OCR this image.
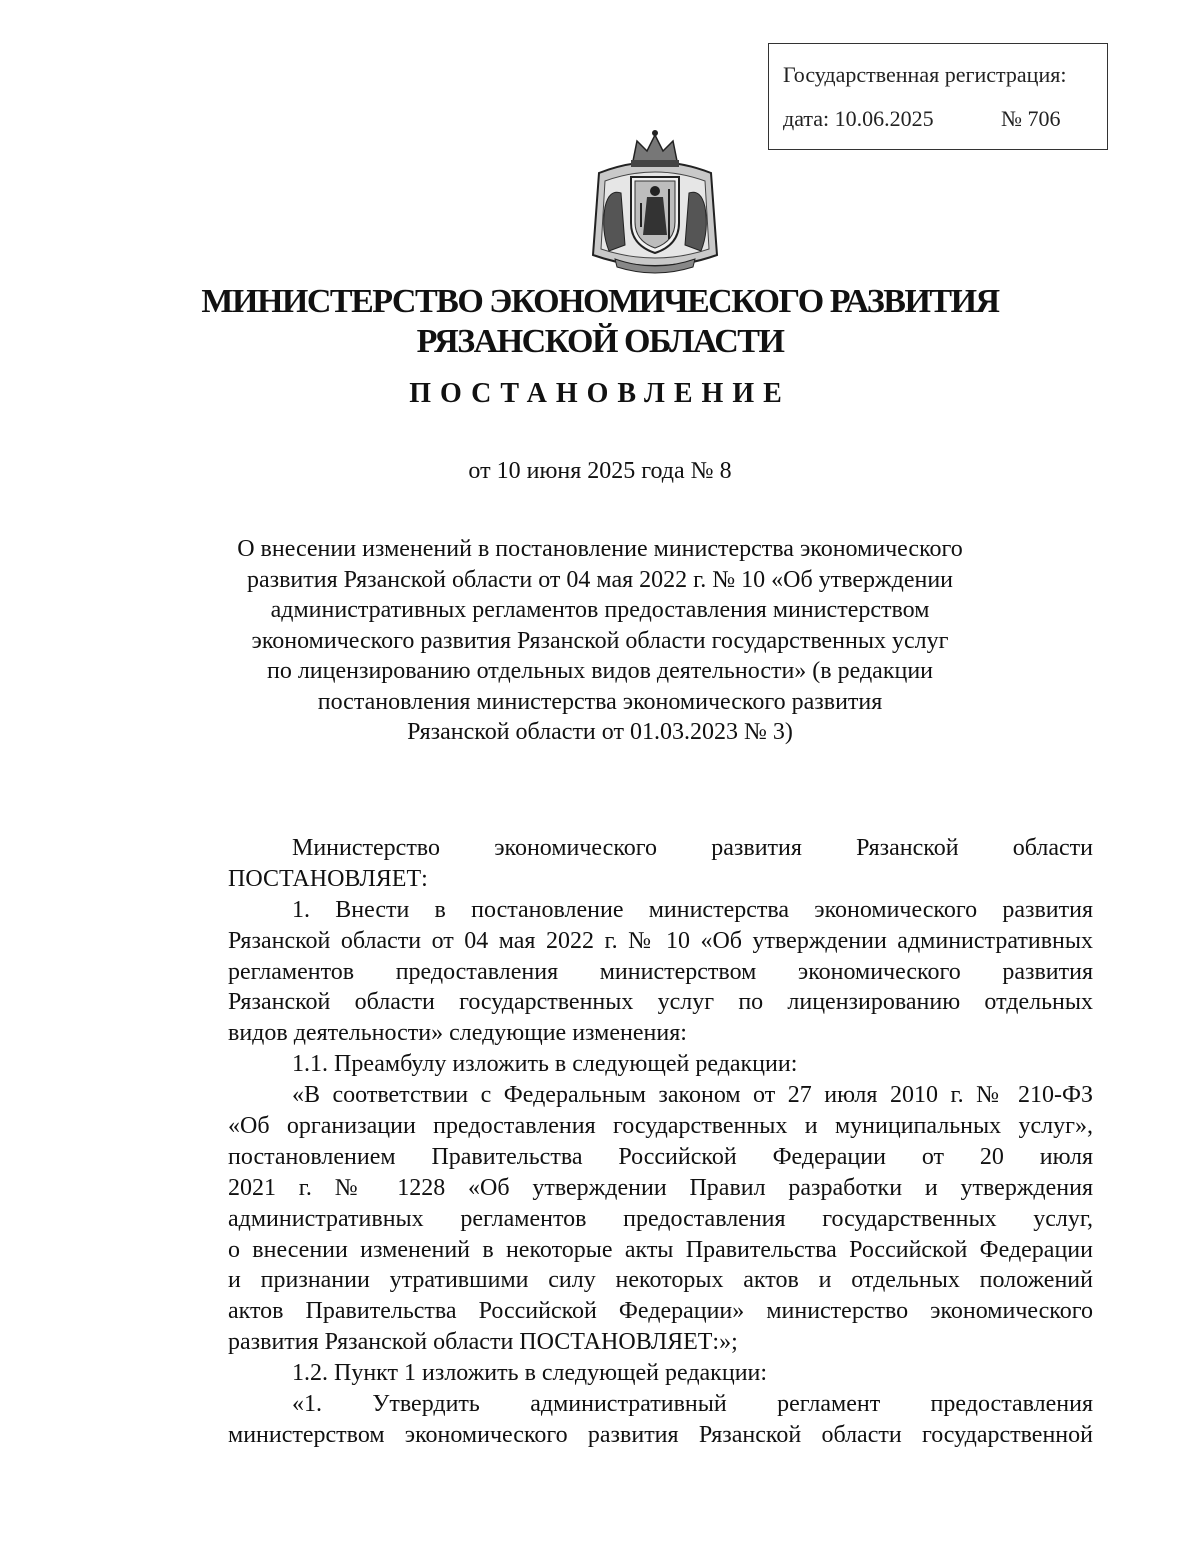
Государственная регистрация:
дата: 10.06.2025	№ 706
МИНИСТЕРСТВО ЭКОНОМИЧЕСКОГО РАЗВИТИЯ
РЯЗАНСКОЙ ОБЛАСТИ
ПОСТАНОВЛЕНИЕ
от 10 июня 2025 года № 8
О внесении изменений в постановление министерства экономического
развития Рязанской области от 04 мая 2022 г. № 10 «Об утверждении
административных регламентов предоставления министерством
экономического развития Рязанской области государственных услуг
по лицензированию отдельных видов деятельности» (в редакции
постановления министерства экономического развития
Рязанской области от 01.03.2023 № 3)
Министерство экономического развития Рязанской области
ПОСТАНОВЛЯЕТ:
1. Внести в постановление министерства экономического развития
Рязанской области от 04 мая 2022 г. № 10 «Об утверждении административных
регламентов предоставления министерством экономического развития
Рязанской области государственных услуг по лицензированию отдельных
видов деятельности» следующие изменения:
1.1. Преамбулу изложить в следующей редакции:
«В соответствии с Федеральным законом от 27 июля 2010 г. № 210-ФЗ
«Об организации предоставления государственных и муниципальных услуг»,
постановлением Правительства Российской Федерации от 20 июля
2021 г. № 1228 «Об утверждении Правил разработки и утверждения
административных регламентов предоставления государственных услуг,
о внесении изменений в некоторые акты Правительства Российской Федерации
и признании утратившими силу некоторых актов и отдельных положений
актов Правительства Российской Федерации» министерство экономического
развития Рязанской области ПОСТАНОВЛЯЕТ:»;
1.2. Пункт 1 изложить в следующей редакции:
«1. Утвердить административный регламент предоставления
министерством экономического развития Рязанской области государственной
